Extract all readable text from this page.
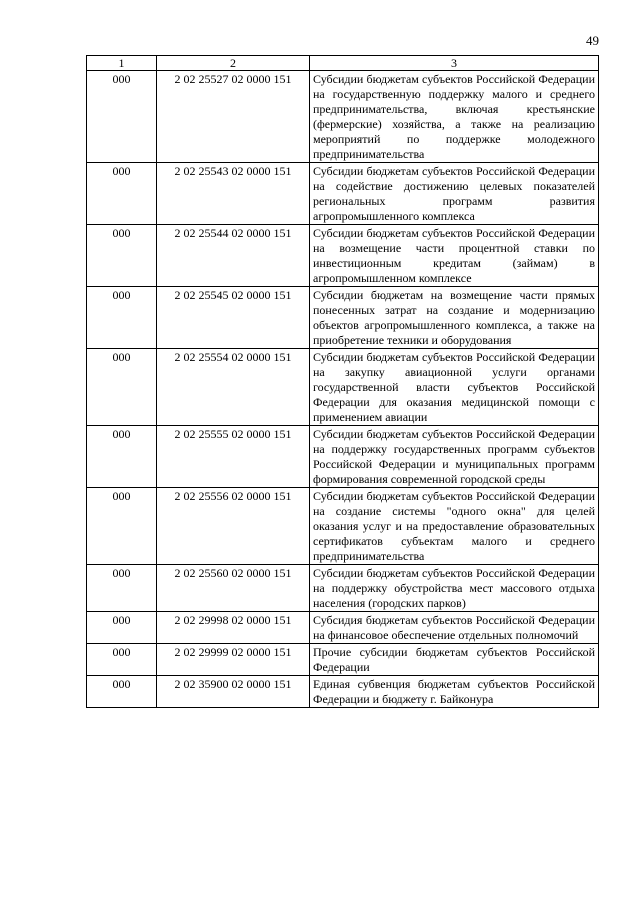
49
1	2	3
000	2 02 25527 02 0000 151	Субсидии бюджетам субъектов Российской Федерации на государственную поддержку малого и среднего предпринимательства, включая крестьянские (фермерские) хозяйства, а также на реализацию мероприятий по поддержке молодежного предпринимательства
000	2 02 25543 02 0000 151	Субсидии бюджетам субъектов Российской Федерации на содействие достижению целевых показателей региональных программ развития агропромышленного комплекса
000	2 02 25544 02 0000 151	Субсидии бюджетам субъектов Российской Федерации на возмещение части процентной ставки по инвестиционным кредитам (займам) в агропромышленном комплексе
000	2 02 25545 02 0000 151	Субсидии бюджетам на возмещение части прямых понесенных затрат на создание и модернизацию объектов агропромышленного комплекса, а также на приобретение техники и оборудования
000	2 02 25554 02 0000 151	Субсидии бюджетам субъектов Российской Федерации на закупку авиационной услуги органами государственной власти субъектов Российской Федерации для оказания медицинской помощи с применением авиации
000	2 02 25555 02 0000 151	Субсидии бюджетам субъектов Российской Федерации на поддержку государственных программ субъектов Российской Федерации и муниципальных программ формирования современной городской среды
000	2 02 25556 02 0000 151	Субсидии бюджетам субъектов Российской Федерации на создание системы "одного окна" для целей оказания услуг и на предоставление образовательных сертификатов субъектам малого и среднего предпринимательства
000	2 02 25560 02 0000 151	Субсидии бюджетам субъектов Российской Федерации на поддержку обустройства мест массового отдыха населения (городских парков)
000	2 02 29998 02 0000 151	Субсидия бюджетам субъектов Российской Федерации на финансовое обеспечение отдельных полномочий
000	2 02 29999 02 0000 151	Прочие субсидии бюджетам субъектов Российской Федерации
000	2 02 35900 02 0000 151	Единая субвенция бюджетам субъектов Российской Федерации и бюджету г. Байконура
